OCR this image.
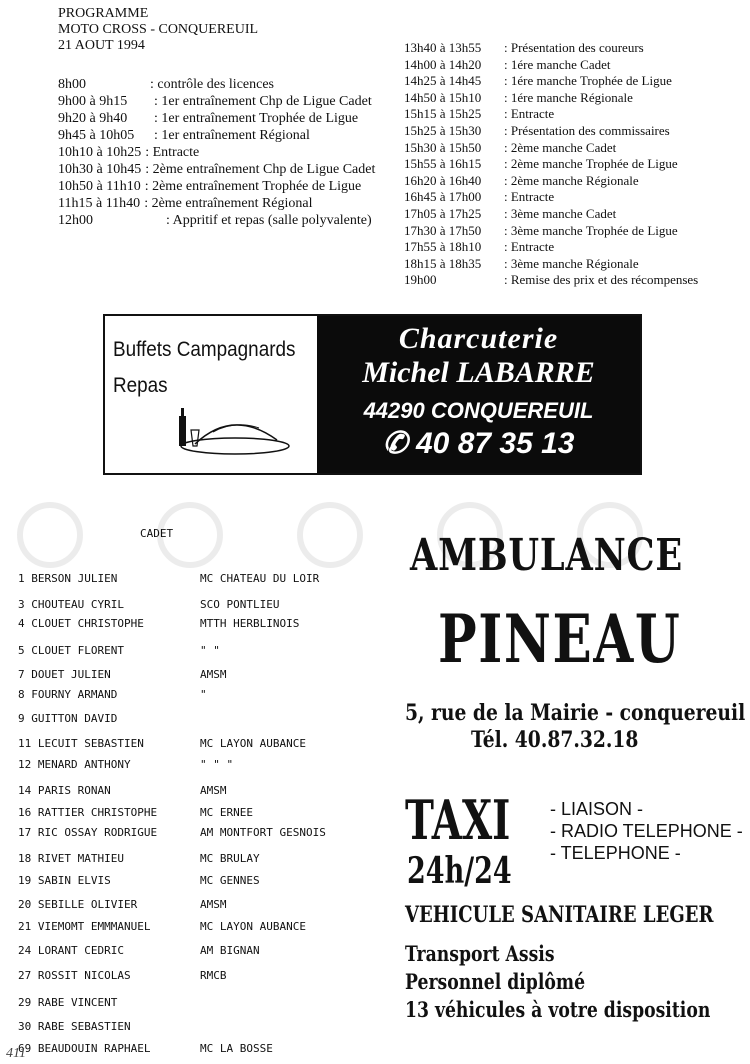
PROGRAMME
MOTO CROSS - CONQUEREUIL
21 AOUT 1994
8h00	: contrôle des licences
9h00 à 9h15	: 1er entraînement Chp de Ligue Cadet
9h20 à 9h40	: 1er entraînement Trophée de Ligue
9h45 à 10h05	: 1er entraînement Régional
10h10 à 10h25 : Entracte
10h30 à 10h45 : 2ème entraînement Chp de Ligue Cadet
10h50 à 11h10 : 2ème entraînement Trophée de Ligue
11h15 à 11h40 : 2ème entraînement Régional
12h00	: Appritif et repas (salle polyvalente)
13h40 à 13h55	: Présentation des coureurs
14h00 à 14h20	: 1ére manche Cadet
14h25 à 14h45	: 1ére manche Trophée de Ligue
14h50 à 15h10	: 1ére manche Régionale
15h15 à 15h25	: Entracte
15h25 à 15h30	: Présentation des commissaires
15h30 à 15h50	: 2ème manche Cadet
15h55 à 16h15	: 2ème manche Trophée de Ligue
16h20 à 16h40	: 2ème manche Régionale
16h45 à 17h00	: Entracte
17h05 à 17h25	: 3ème manche Cadet
17h30 à 17h50	: 3ème manche Trophée de Ligue
17h55 à 18h10	: Entracte
18h15 à 18h35	: 3ème manche Régionale
19h00	: Remise des prix et des récompenses
Buffets Campagnards
Repas
Charcuterie
Michel LABARRE
44290 CONQUEREUIL
✆ 40 87 35 13
CADET
1 BERSON JULIEN	MC CHATEAU DU LOIR
3 CHOUTEAU CYRIL	SCO PONTLIEU
4 CLOUET CHRISTOPHE	MTTH HERBLINOIS
5 CLOUET FLORENT	" "
7 DOUET JULIEN	AMSM
8 FOURNY ARMAND	"
9 GUITTON DAVID
11 LECUIT SEBASTIEN	MC LAYON AUBANCE
12 MENARD ANTHONY	" " "
14 PARIS RONAN	AMSM
16 RATTIER CHRISTOPHE	MC ERNEE
17 RIC OSSAY RODRIGUE	AM MONTFORT GESNOIS
18 RIVET MATHIEU	MC BRULAY
19 SABIN ELVIS	MC GENNES
20 SEBILLE OLIVIER	AMSM
21 VIEMOMT EMMMANUEL	MC LAYON AUBANCE
24 LORANT CEDRIC	AM BIGNAN
27 ROSSIT NICOLAS	RMCB
29 RABE VINCENT
30 RABE SEBASTIEN
69 BEAUDOUIN RAPHAEL	MC LA BOSSE
AMBULANCE
PINEAU
5, rue de la Mairie - conquereuil
Tél. 40.87.32.18
TAXI
24h/24
- LIAISON -
- RADIO TELEPHONE -
- TELEPHONE -
VEHICULE SANITAIRE LEGER
Transport Assis
Personnel diplômé
13 véhicules à votre disposition
411
